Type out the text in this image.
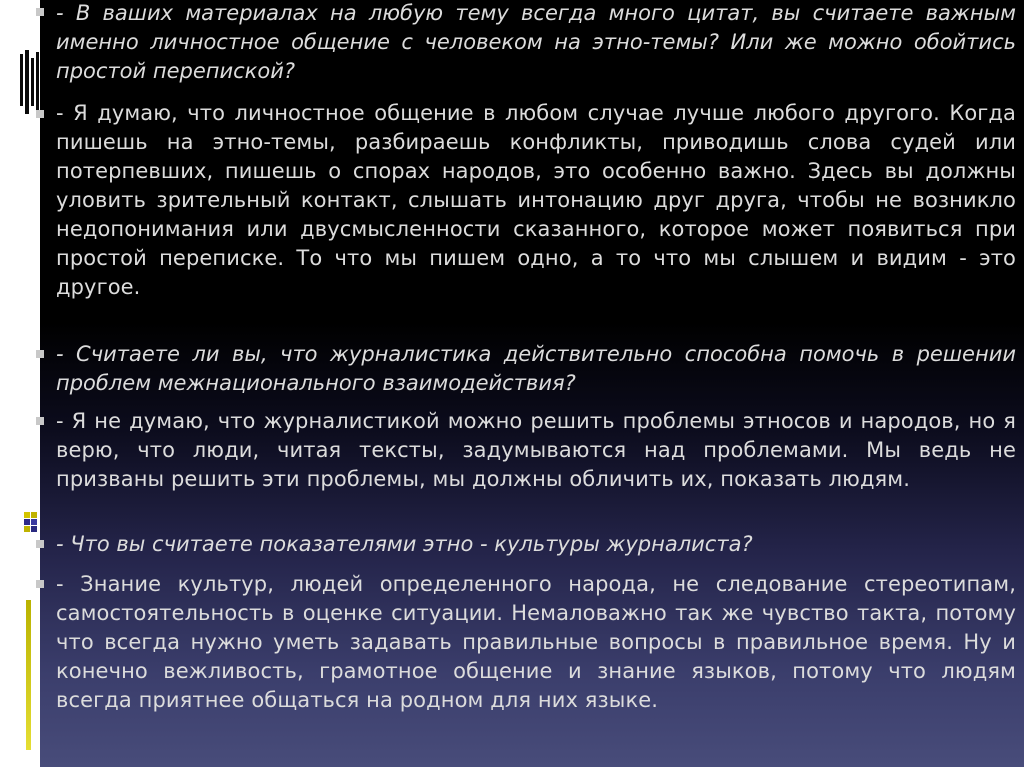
- В ваших материалах на любую тему всегда много цитат, вы считаете важным именно личностное общение с человеком на этно-темы? Или же можно обойтись простой перепиской?
- Я думаю, что личностное общение в любом случае лучше любого другого. Когда пишешь на этно-темы, разбираешь конфликты, приводишь слова судей или потерпевших, пишешь о спорах народов, это особенно важно. Здесь вы должны уловить зрительный контакт, слышать интонацию друг друга, чтобы не возникло недопонимания или двусмысленности сказанного, которое может появиться при простой переписке. То что мы пишем одно, а то что мы слышем и видим - это другое.
- Считаете ли вы, что журналистика действительно способна помочь в решении проблем межнационального взаимодействия?
- Я не думаю, что журналистикой можно решить проблемы этносов и народов, но я верю, что люди, читая тексты, задумываются над проблемами. Мы ведь не призваны решить эти проблемы, мы должны обличить их, показать людям.
- Что вы считаете показателями этно - культуры журналиста?
- Знание культур, людей определенного народа, не следование стереотипам, самостоятельность в оценке ситуации. Немаловажно так же чувство такта, потому что всегда нужно уметь задавать правильные вопросы в правильное время. Ну и конечно вежливость, грамотное общение и знание языков, потому что людям всегда приятнее общаться на родном для них языке.
